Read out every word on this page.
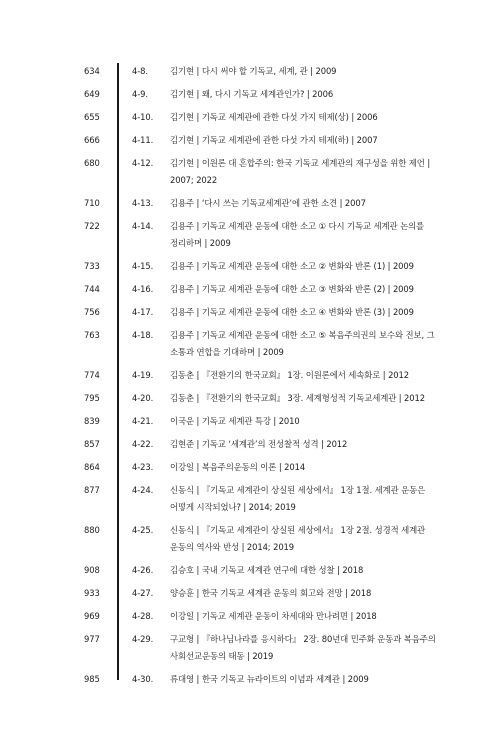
634	4-8.	김기현 | 다시 써야 할 기독교, 세계, 관 | 2009
649	4-9.	김기현 | 왜, 다시 기독교 세계관인가? | 2006
655	4-10. 김기현 | 기독교 세계관에 관한 다섯 가지 테제(상) | 2006
666	4-11. 김기현 | 기독교 세계관에 관한 다섯 가지 테제(하) | 2007
680	4-12. 김기현 | 이원론 대 혼합주의: 한국 기독교 세계관의 재구성을 위한 제언 | 2007; 2022
710	4-13. 김용주 | ‘다시 쓰는 기독교세계관’에 관한 소견 | 2007
722	4-14. 김용주 | 기독교 세계관 운동에 대한 소고 ① 다시 기독교 세계관 논의를 정리하며 | 2009
733	4-15. 김용주 | 기독교 세계관 운동에 대한 소고 ② 변화와 반론 (1) | 2009
744	4-16. 김용주 | 기독교 세계관 운동에 대한 소고 ③ 변화와 반론 (2) | 2009
756	4-17. 김용주 | 기독교 세계관 운동에 대한 소고 ④ 변화와 반론 (3) | 2009
763	4-18. 김용주 | 기독교 세계관 운동에 대한 소고 ⑤ 복음주의권의 보수와 진보, 그 소통과 연합을 기대하며 | 2009
774	4-19. 김동춘 | 『전환기의 한국교회』 1장. 이원론에서 세속화로 | 2012
795	4-20. 김동춘 | 『전환기의 한국교회』 3장. 세계형성적 기독교세계관 | 2012
839	4-21. 이국운 | 기독교 세계관 특강 | 2010
857	4-22. 김현준 | 기독교 ‘세계관’의 전성찰적 성격 | 2012
864	4-23. 이강일 | 복음주의운동의 이론 | 2014
877	4-24. 신동식 | 『기독교 세계관이 상실된 세상에서』 1장 1절. 세계관 운동은 어떻게 시작되었나? | 2014; 2019
880	4-25. 신동식 | 『기독교 세계관이 상실된 세상에서』 1장 2절. 성경적 세계관 운동의 역사와 반성 | 2014; 2019
908	4-26. 김승호 | 국내 기독교 세계관 연구에 대한 성찰 | 2018
933	4-27. 양승훈 | 한국 기독교 세계관 운동의 회고와 전망 | 2018
969	4-28. 이강일 | 기독교 세계관 운동이 차세대와 만나려면 | 2018
977	4-29. 구교형 | 『하나님나라를 응시하다』 2장. 80년대 민주화 운동과 복음주의 사회선교운동의 태동 | 2019
985	4-30. 류대영 | 한국 기독교 뉴라이트의 이념과 세계관 | 2009
